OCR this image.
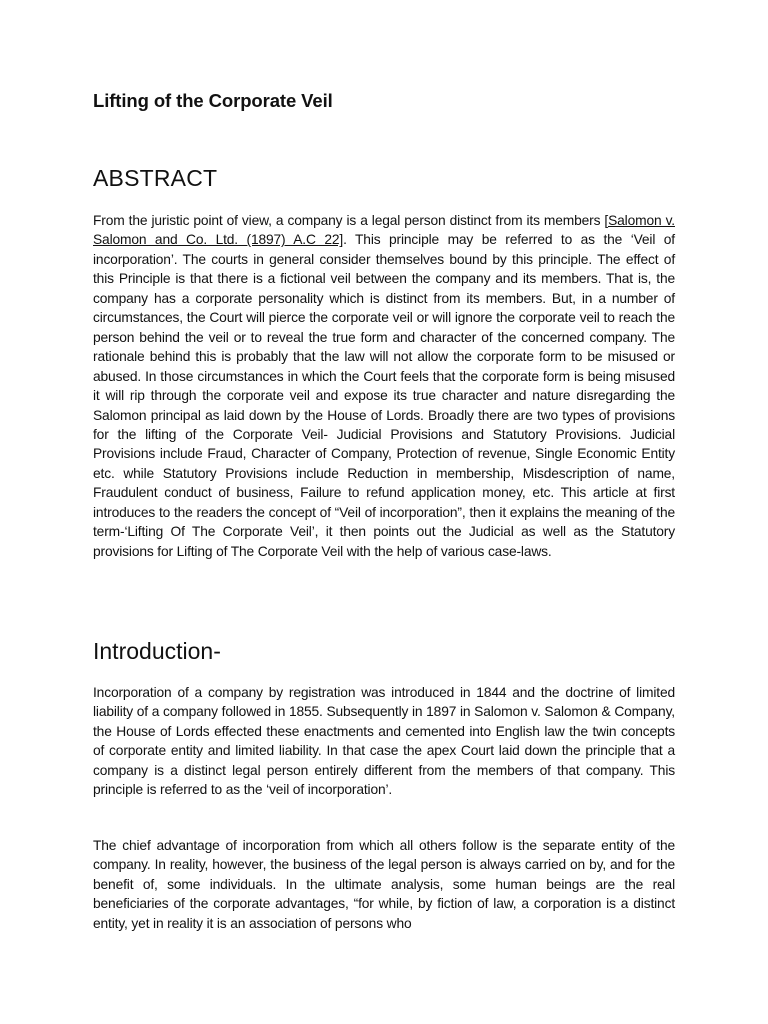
Lifting of the Corporate Veil
ABSTRACT

From the juristic point of view, a company is a legal person distinct from its members [Salomon v. Salomon and Co. Ltd. (1897) A.C 22]. This principle may be referred to as the ‘Veil of incorporation’. The courts in general consider themselves bound by this principle. The effect of this Principle is that there is a fictional veil between the company and its members. That is, the company has a corporate personality which is distinct from its members. But, in a number of circumstances, the Court will pierce the corporate veil or will ignore the corporate veil to reach the person behind the veil or to reveal the true form and character of the concerned company. The rationale behind this is probably that the law will not allow the corporate form to be misused or abused. In those circumstances in which the Court feels that the corporate form is being misused it will rip through the corporate veil and expose its true character and nature disregarding the Salomon principal as laid down by the House of Lords. Broadly there are two types of provisions for the lifting of the Corporate Veil- Judicial Provisions and Statutory Provisions. Judicial Provisions include Fraud, Character of Company, Protection of revenue, Single Economic Entity etc. while Statutory Provisions include Reduction in membership, Misdescription of name, Fraudulent conduct of business, Failure to refund application money, etc. This article at first introduces to the readers the concept of “Veil of incorporation”, then it explains the meaning of the term-‘Lifting Of The Corporate Veil’, it then points out the Judicial as well as the Statutory provisions for Lifting of The Corporate Veil with the help of various case-laws.

Introduction-

Incorporation of a company by registration was introduced in 1844 and the doctrine of limited liability of a company followed in 1855. Subsequently in 1897 in Salomon v. Salomon & Company, the House of Lords effected these enactments and cemented into English law the twin concepts of corporate entity and limited liability. In that case the apex Court laid down the principle that a company is a distinct legal person entirely different from the members of that company. This principle is referred to as the ‘veil of incorporation’.

The chief advantage of incorporation from which all others follow is the separate entity of the company. In reality, however, the business of the legal person is always carried on by, and for the benefit of, some individuals. In the ultimate analysis, some human beings are the real beneficiaries of the corporate advantages, “for while, by fiction of law, a corporation is a distinct entity, yet in reality it is an association of persons who
